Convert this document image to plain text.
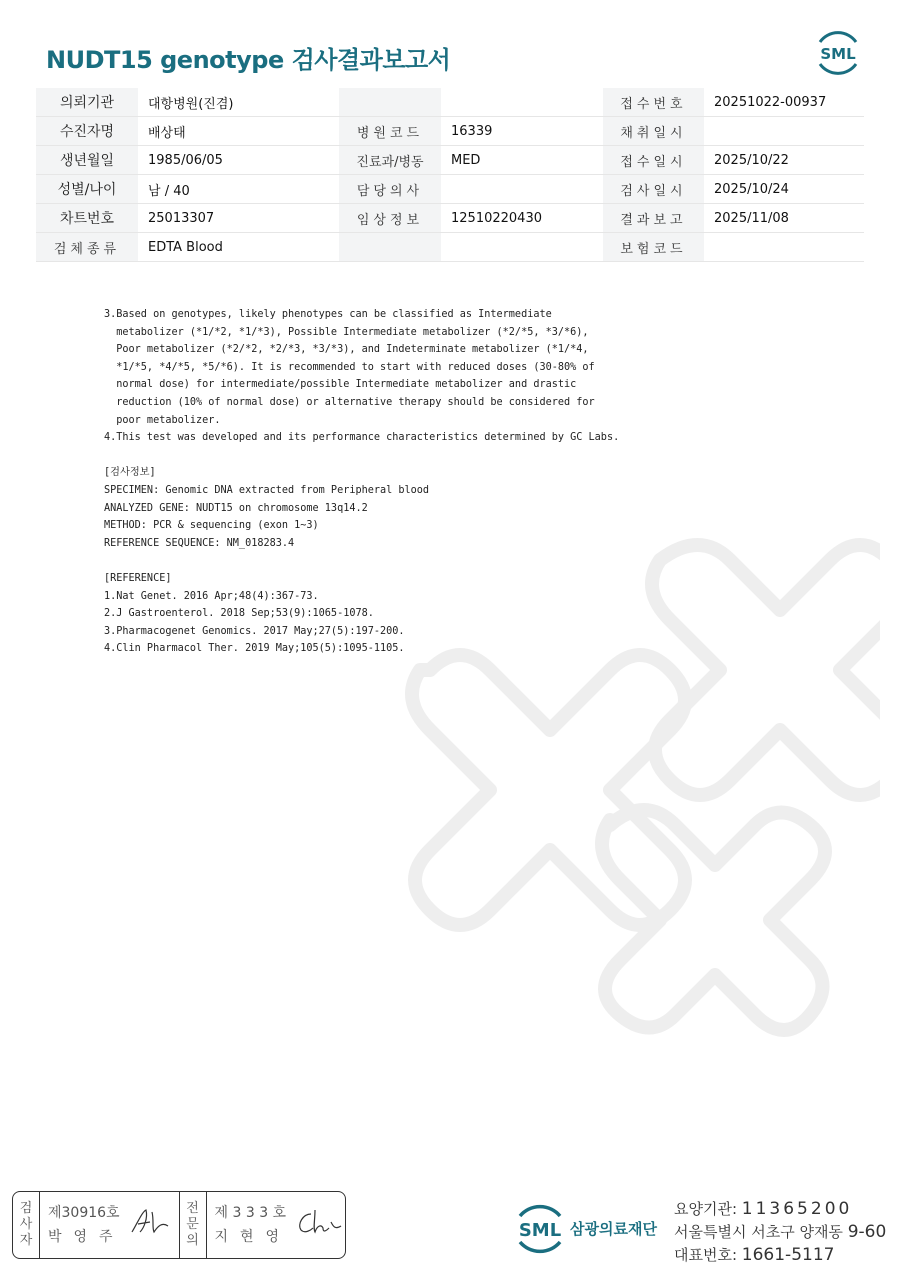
NUDT15 genotype 검사결과보고서	SML
의뢰기관	대항병원(진겸)			접수번호	20251022-00937
수진자명	배상태	병원코드	16339	채취일시	
생년월일	1985/06/05	진료과/병동	MED	접수일시	2025/10/22
성별/나이	남 / 40	담당의사		검사일시	2025/10/24
차트번호	25013307	임상정보	12510220430	결과보고	2025/11/08
검체종류	EDTA Blood			보험코드	
3.Based on genotypes, likely phenotypes can be classified as Intermediate
metabolizer (*1/*2, *1/*3), Possible Intermediate metabolizer (*2/*5, *3/*6),
Poor metabolizer (*2/*2, *2/*3, *3/*3), and Indeterminate metabolizer (*1/*4,
*1/*5, *4/*5, *5/*6). It is recommended to start with reduced doses (30-80% of
normal dose) for intermediate/possible Intermediate metabolizer and drastic
reduction (10% of normal dose) or alternative therapy should be considered for
poor metabolizer.
4.This test was developed and its performance characteristics determined by GC Labs.

[검사정보]
SPECIMEN: Genomic DNA extracted from Peripheral blood
ANALYZED GENE: NUDT15 on chromosome 13q14.2
METHOD: PCR & sequencing (exon 1~3)
REFERENCE SEQUENCE: NM_018283.4

[REFERENCE]
1.Nat Genet. 2016 Apr;48(4):367-73.
2.J Gastroenterol. 2018 Sep;53(9):1065-1078.
3.Pharmacogenet Genomics. 2017 May;27(5):197-200.
4.Clin Pharmacol Ther. 2019 May;105(5):1095-1105.
검
사
자
제30916호
박영주
전
문
의
제 3 3 3 호
지현영	SML 삼광의료재단
요양기관: 11365200
서울특별시 서초구 양재동 9-60
대표번호: 1661-5117
